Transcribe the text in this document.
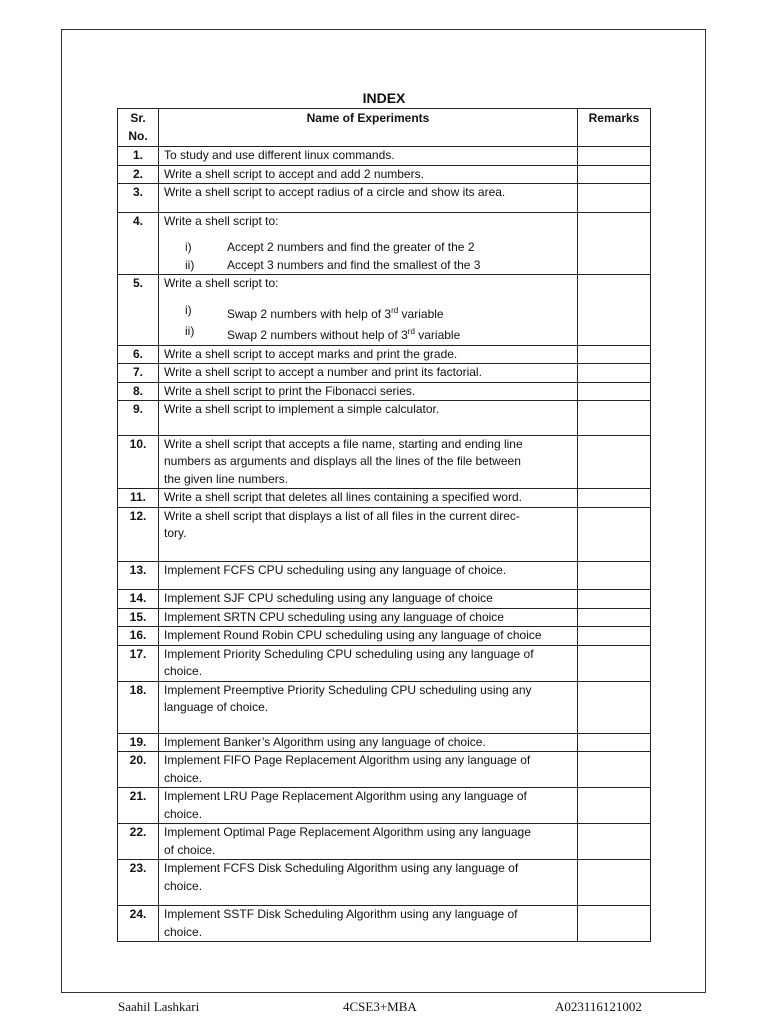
INDEX
Sr. No.	Name of Experiments	Remarks
1.	To study and use different linux commands.	

2.	Write a shell script to accept and add 2 numbers.	

3.	Write a shell script to accept radius of a circle and show its area.	

4.	Write a shell script to:
i) Accept 2 numbers and find the greater of the 2
ii) Accept 3 numbers and find the smallest of the 3	

5.	Write a shell script to:
i) Swap 2 numbers with help of 3rd variable
ii) Swap 2 numbers without help of 3rd variable	

6.	Write a shell script to accept marks and print the grade.	

7.	Write a shell script to accept a number and print its factorial.	

8.	Write a shell script to print the Fibonacci series.	

9.	Write a shell script to implement a simple calculator.	

10.	Write a shell script that accepts a file name, starting and ending line
numbers as arguments and displays all the lines of the file between
the given line numbers.	

11.	Write a shell script that deletes all lines containing a specified word.	

12.	Write a shell script that displays a list of all files in the current direc-
tory.	

13.	Implement FCFS CPU scheduling using any language of choice.	

14.	Implement SJF CPU scheduling using any language of choice	

15.	Implement SRTN CPU scheduling using any language of choice	

16.	Implement Round Robin CPU scheduling using any language of choice	

17.	Implement Priority Scheduling CPU scheduling using any language of
choice.	

18.	Implement Preemptive Priority Scheduling CPU scheduling using any
language of choice.	

19.	Implement Banker’s Algorithm using any language of choice.	

20.	Implement FIFO Page Replacement Algorithm using any language of
choice.	

21.	Implement LRU Page Replacement Algorithm using any language of
choice.	

22.	Implement Optimal Page Replacement Algorithm using any language
of choice.	

23.	Implement FCFS Disk Scheduling Algorithm using any language of
choice.	

24.	Implement SSTF Disk Scheduling Algorithm using any language of
choice.	

Saahil Lashkari	4CSE3+MBA	A023116121002
